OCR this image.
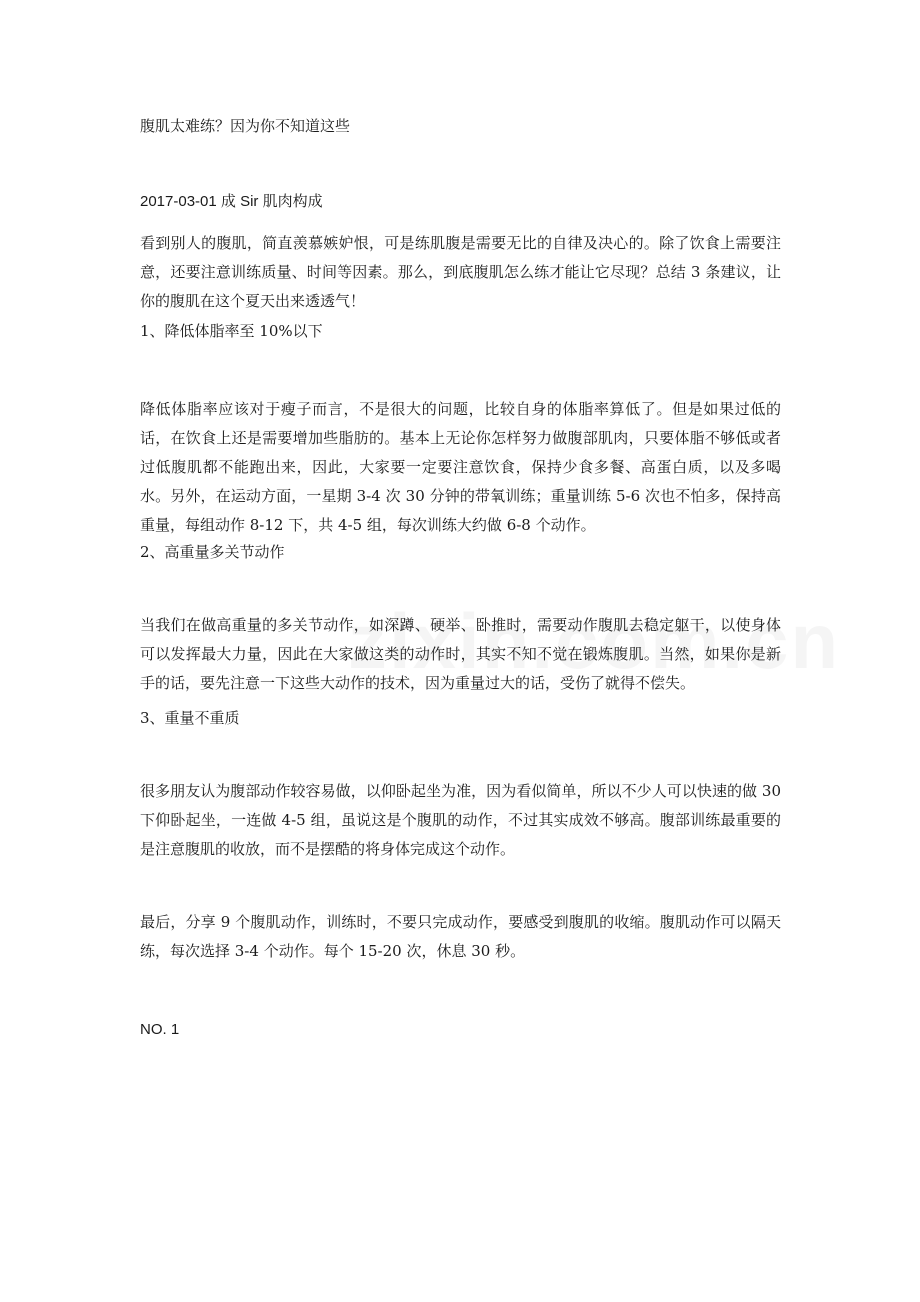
腹肌太难练？因为你不知道这些

2017-03-01 成 Sir 肌肉构成

看到别人的腹肌，简直羡慕嫉妒恨，可是练肌腹是需要无比的自律及决心的。除了饮食上需要注意，还要注意训练质量、时间等因素。那么，到底腹肌怎么练才能让它尽现？总结 3 条建议，让你的腹肌在这个夏天出来透透气！

1、降低体脂率至 10%以下

降低体脂率应该对于瘦子而言，不是很大的问题，比较自身的体脂率算低了。但是如果过低的话，在饮食上还是需要增加些脂肪的。基本上无论你怎样努力做腹部肌肉，只要体脂不够低或者过低腹肌都不能跑出来，因此，大家要一定要注意饮食，保持少食多餐、高蛋白质，以及多喝水。另外，在运动方面，一星期 3-4 次 30 分钟的带氧训练；重量训练 5-6 次也不怕多，保持高重量，每组动作 8-12 下，共 4-5 组，每次训练大约做 6-8 个动作。

2、高重量多关节动作

当我们在做高重量的多关节动作，如深蹲、硬举、卧推时，需要动作腹肌去稳定躯干，以使身体可以发挥最大力量，因此在大家做这类的动作时，其实不知不觉在锻炼腹肌。当然，如果你是新手的话，要先注意一下这些大动作的技术，因为重量过大的话，受伤了就得不偿失。

3、重量不重质

很多朋友认为腹部动作较容易做，以仰卧起坐为准，因为看似简单，所以不少人可以快速的做 30 下仰卧起坐，一连做 4-5 组，虽说这是个腹肌的动作，不过其实成效不够高。腹部训练最重要的是注意腹肌的收放，而不是摆酷的将身体完成这个动作。

最后，分享 9 个腹肌动作，训练时，不要只完成动作，要感受到腹肌的收缩。腹肌动作可以隔天练，每次选择 3-4 个动作。每个 15-20 次，休息 30 秒。

NO. 1
